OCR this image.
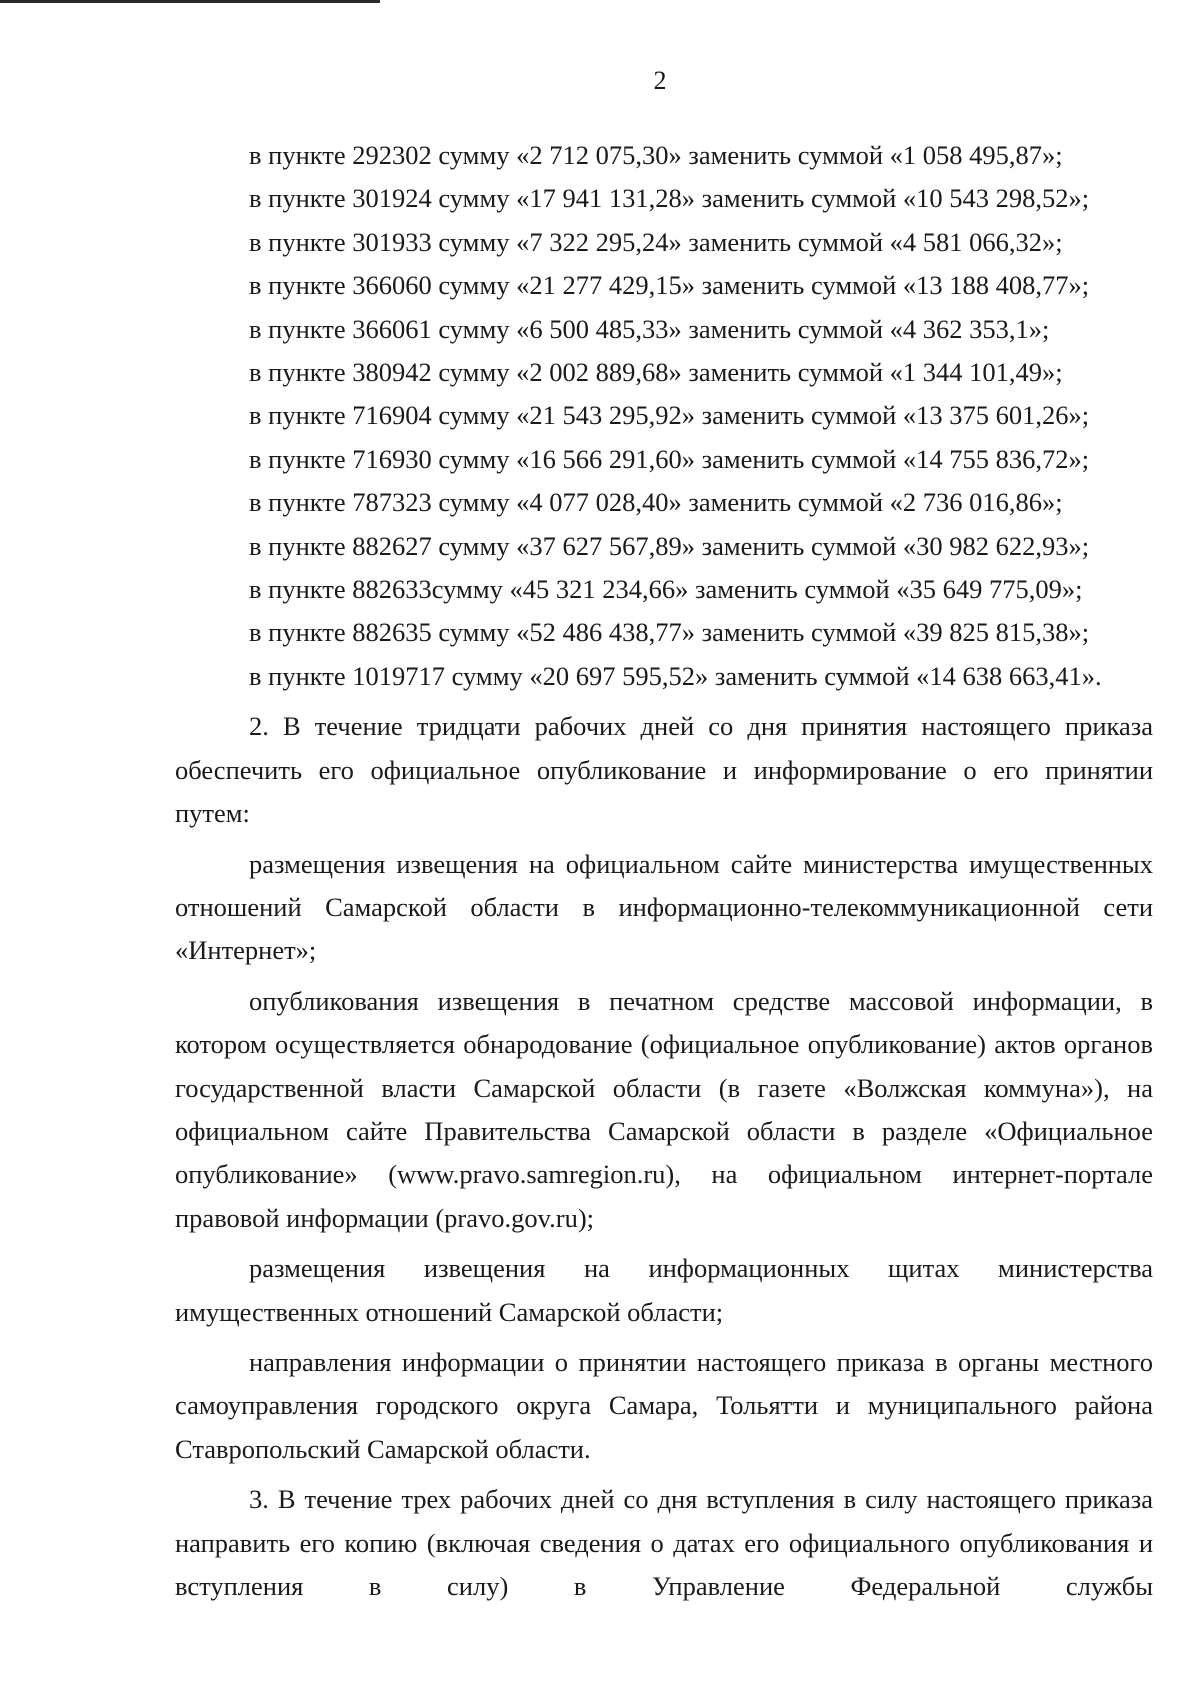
2
в пункте 292302 сумму «2 712 075,30» заменить суммой «1 058 495,87»;
в пункте 301924 сумму «17 941 131,28» заменить суммой «10 543 298,52»;
в пункте 301933 сумму «7 322 295,24» заменить суммой «4 581 066,32»;
в пункте 366060 сумму «21 277 429,15» заменить суммой «13 188 408,77»;
в пункте 366061 сумму «6 500 485,33» заменить суммой «4 362 353,1»;
в пункте 380942 сумму «2 002 889,68» заменить суммой «1 344 101,49»;
в пункте 716904 сумму «21 543 295,92» заменить суммой «13 375 601,26»;
в пункте 716930 сумму «16 566 291,60» заменить суммой «14 755 836,72»;
в пункте 787323 сумму «4 077 028,40» заменить суммой «2 736 016,86»;
в пункте 882627 сумму «37 627 567,89» заменить суммой «30 982 622,93»;
в пункте 882633сумму «45 321 234,66» заменить суммой «35 649 775,09»;
в пункте 882635 сумму «52 486 438,77» заменить суммой «39 825 815,38»;

в пункте 1019717 сумму «20 697 595,52» заменить суммой «14 638 663,41».

2. В течение тридцати рабочих дней со дня принятия настоящего приказа обеспечить его официальное опубликование и информирование о его принятии путем:

размещения извещения на официальном сайте министерства имущественных отношений Самарской области в информационно-телекоммуникационной сети «Интернет»;

опубликования извещения в печатном средстве массовой информации, в котором осуществляется обнародование (официальное опубликование) актов органов государственной власти Самарской области (в газете «Волжская коммуна»), на официальном сайте Правительства Самарской области в разделе «Официальное опубликование» (www.pravo.samregion.ru), на официальном интернет-портале правовой информации (pravo.gov.ru);

размещения извещения на информационных щитах министерства имущественных отношений Самарской области;

направления информации о принятии настоящего приказа в органы местного самоуправления городского округа Самара, Тольятти и муниципального района Ставропольский Самарской области.

3. В течение трех рабочих дней со дня вступления в силу настоящего приказа направить его копию (включая сведения о датах его официального опубликования и вступления в силу) в Управление Федеральной службы
